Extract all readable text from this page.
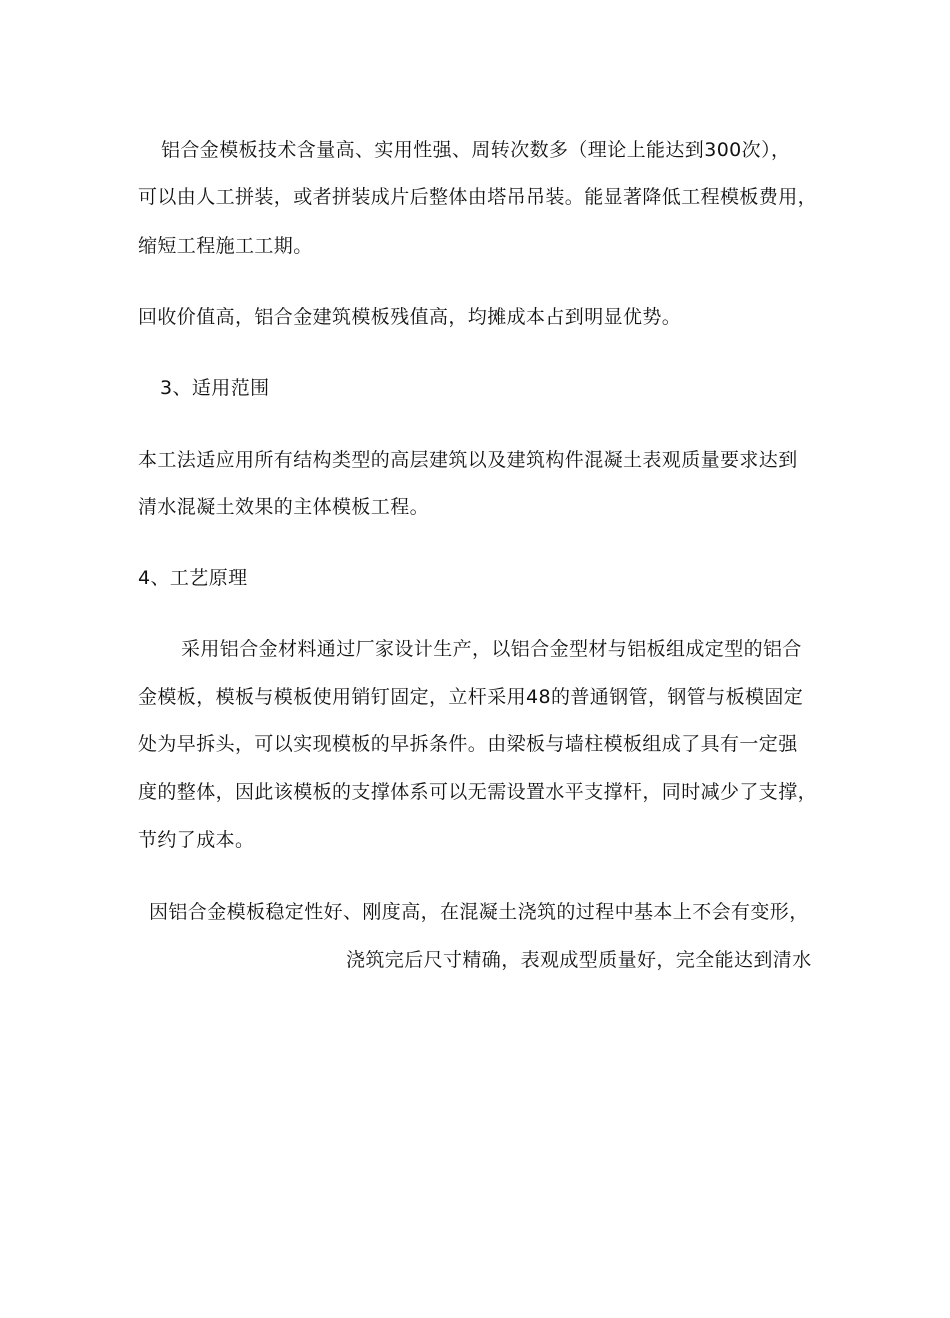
铝合金模板技术含量高、实用性强、周转次数多（理论上能达到300次），
可以由人工拼装，或者拼装成片后整体由塔吊吊装。能显著降低工程模板费用，
缩短工程施工工期。
回收价值高，铝合金建筑模板残值高，均摊成本占到明显优势。
3、适用范围
本工法适应用所有结构类型的高层建筑以及建筑构件混凝土表观质量要求达到
清水混凝土效果的主体模板工程。
4、工艺原理
采用铝合金材料通过厂家设计生产，以铝合金型材与铝板组成定型的铝合
金模板，模板与模板使用销钉固定，立杆采用48的普通钢管，钢管与板模固定
处为早拆头，可以实现模板的早拆条件。由梁板与墙柱模板组成了具有一定强
度的整体，因此该模板的支撑体系可以无需设置水平支撑杆，同时减少了支撑，
节约了成本。
因铝合金模板稳定性好、刚度高，在混凝土浇筑的过程中基本上不会有变形，
浇筑完后尺寸精确，表观成型质量好，完全能达到清水
